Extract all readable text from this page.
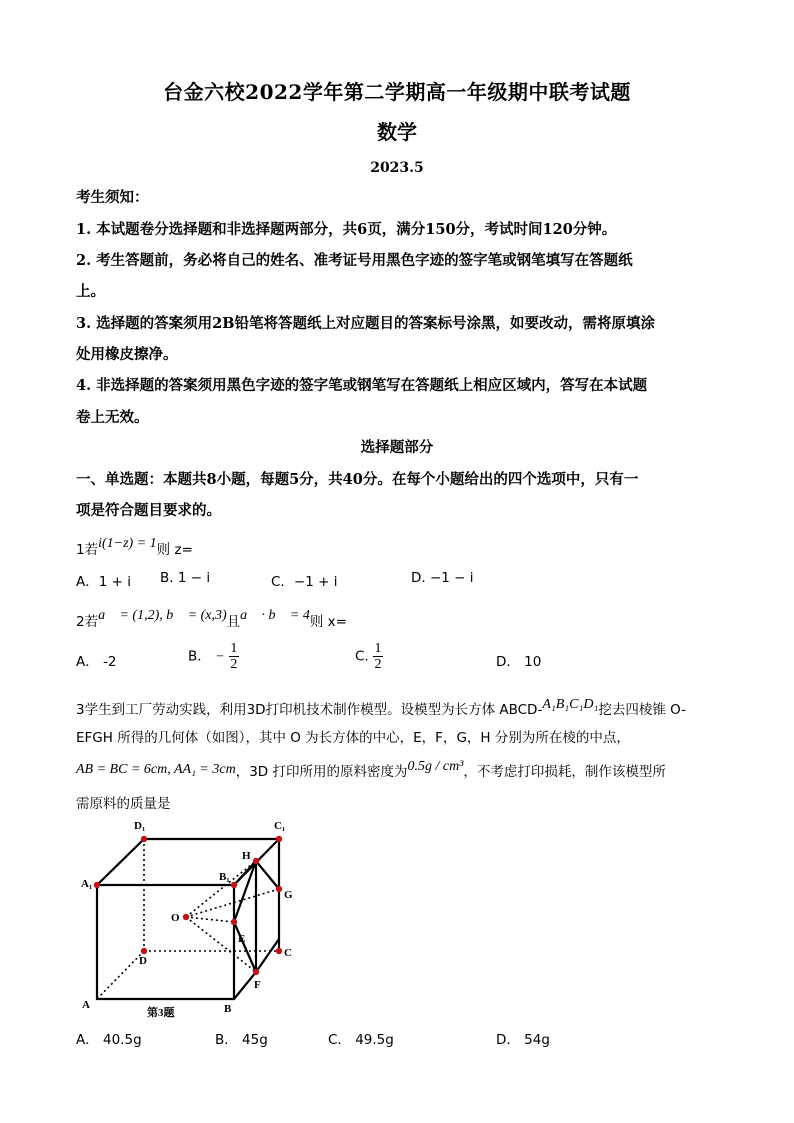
台金六校2022学年第二学期高一年级期中联考试题
数学
2023.5
考生须知：
1. 本试题卷分选择题和非选择题两部分，共6页，满分150分，考试时间120分钟。
2. 考生答题前，务必将自己的姓名、准考证号用黑色字迹的签字笔或钢笔填写在答题纸
上。
3. 选择题的答案须用2B铅笔将答题纸上对应题目的答案标号涂黑，如要改动，需将原填涂
处用橡皮擦净。
4. 非选择题的答案须用黑色字迹的签字笔或钢笔写在答题纸上相应区域内，答写在本试题
卷上无效。
选择题部分
一、单选题：本题共8小题，每题5分，共40分。在每个小题给出的四个选项中，只有一
项是符合题目要求的。
1若i(1−z) = 1则 z=
A．1 + i B. 1 − i	C．−1 + i	D. −1 − i
2若a⃗ = (1,2), b⃗ = (x,3)且a⃗ · b⃗ = 4则 x=
A． -2	B． − $\frac{1}{2}$	C. $\frac{1}{2}$	D． 10
3学生到工厂劳动实践，利用3D打印机技术制作模型。设模型为长方体 ABCD-A₁B₁C₁D₁挖去四棱锥 O-
EFGH 所得的几何体（如图），其中 O 为长方体的中心，E，F，G，H 分别为所在棱的中点，
AB = BC = 6cm, AA₁ = 3cm，3D 打印所用的原料密度为0.5g / cm³，不考虑打印损耗，制作该模型所
需原料的质量是
D₁	C₁
H
A₁
B₁
G
O
E
D
C
F
A	B
第3题
A． 40.5g	B． 45g	C． 49.5g	D． 54g
